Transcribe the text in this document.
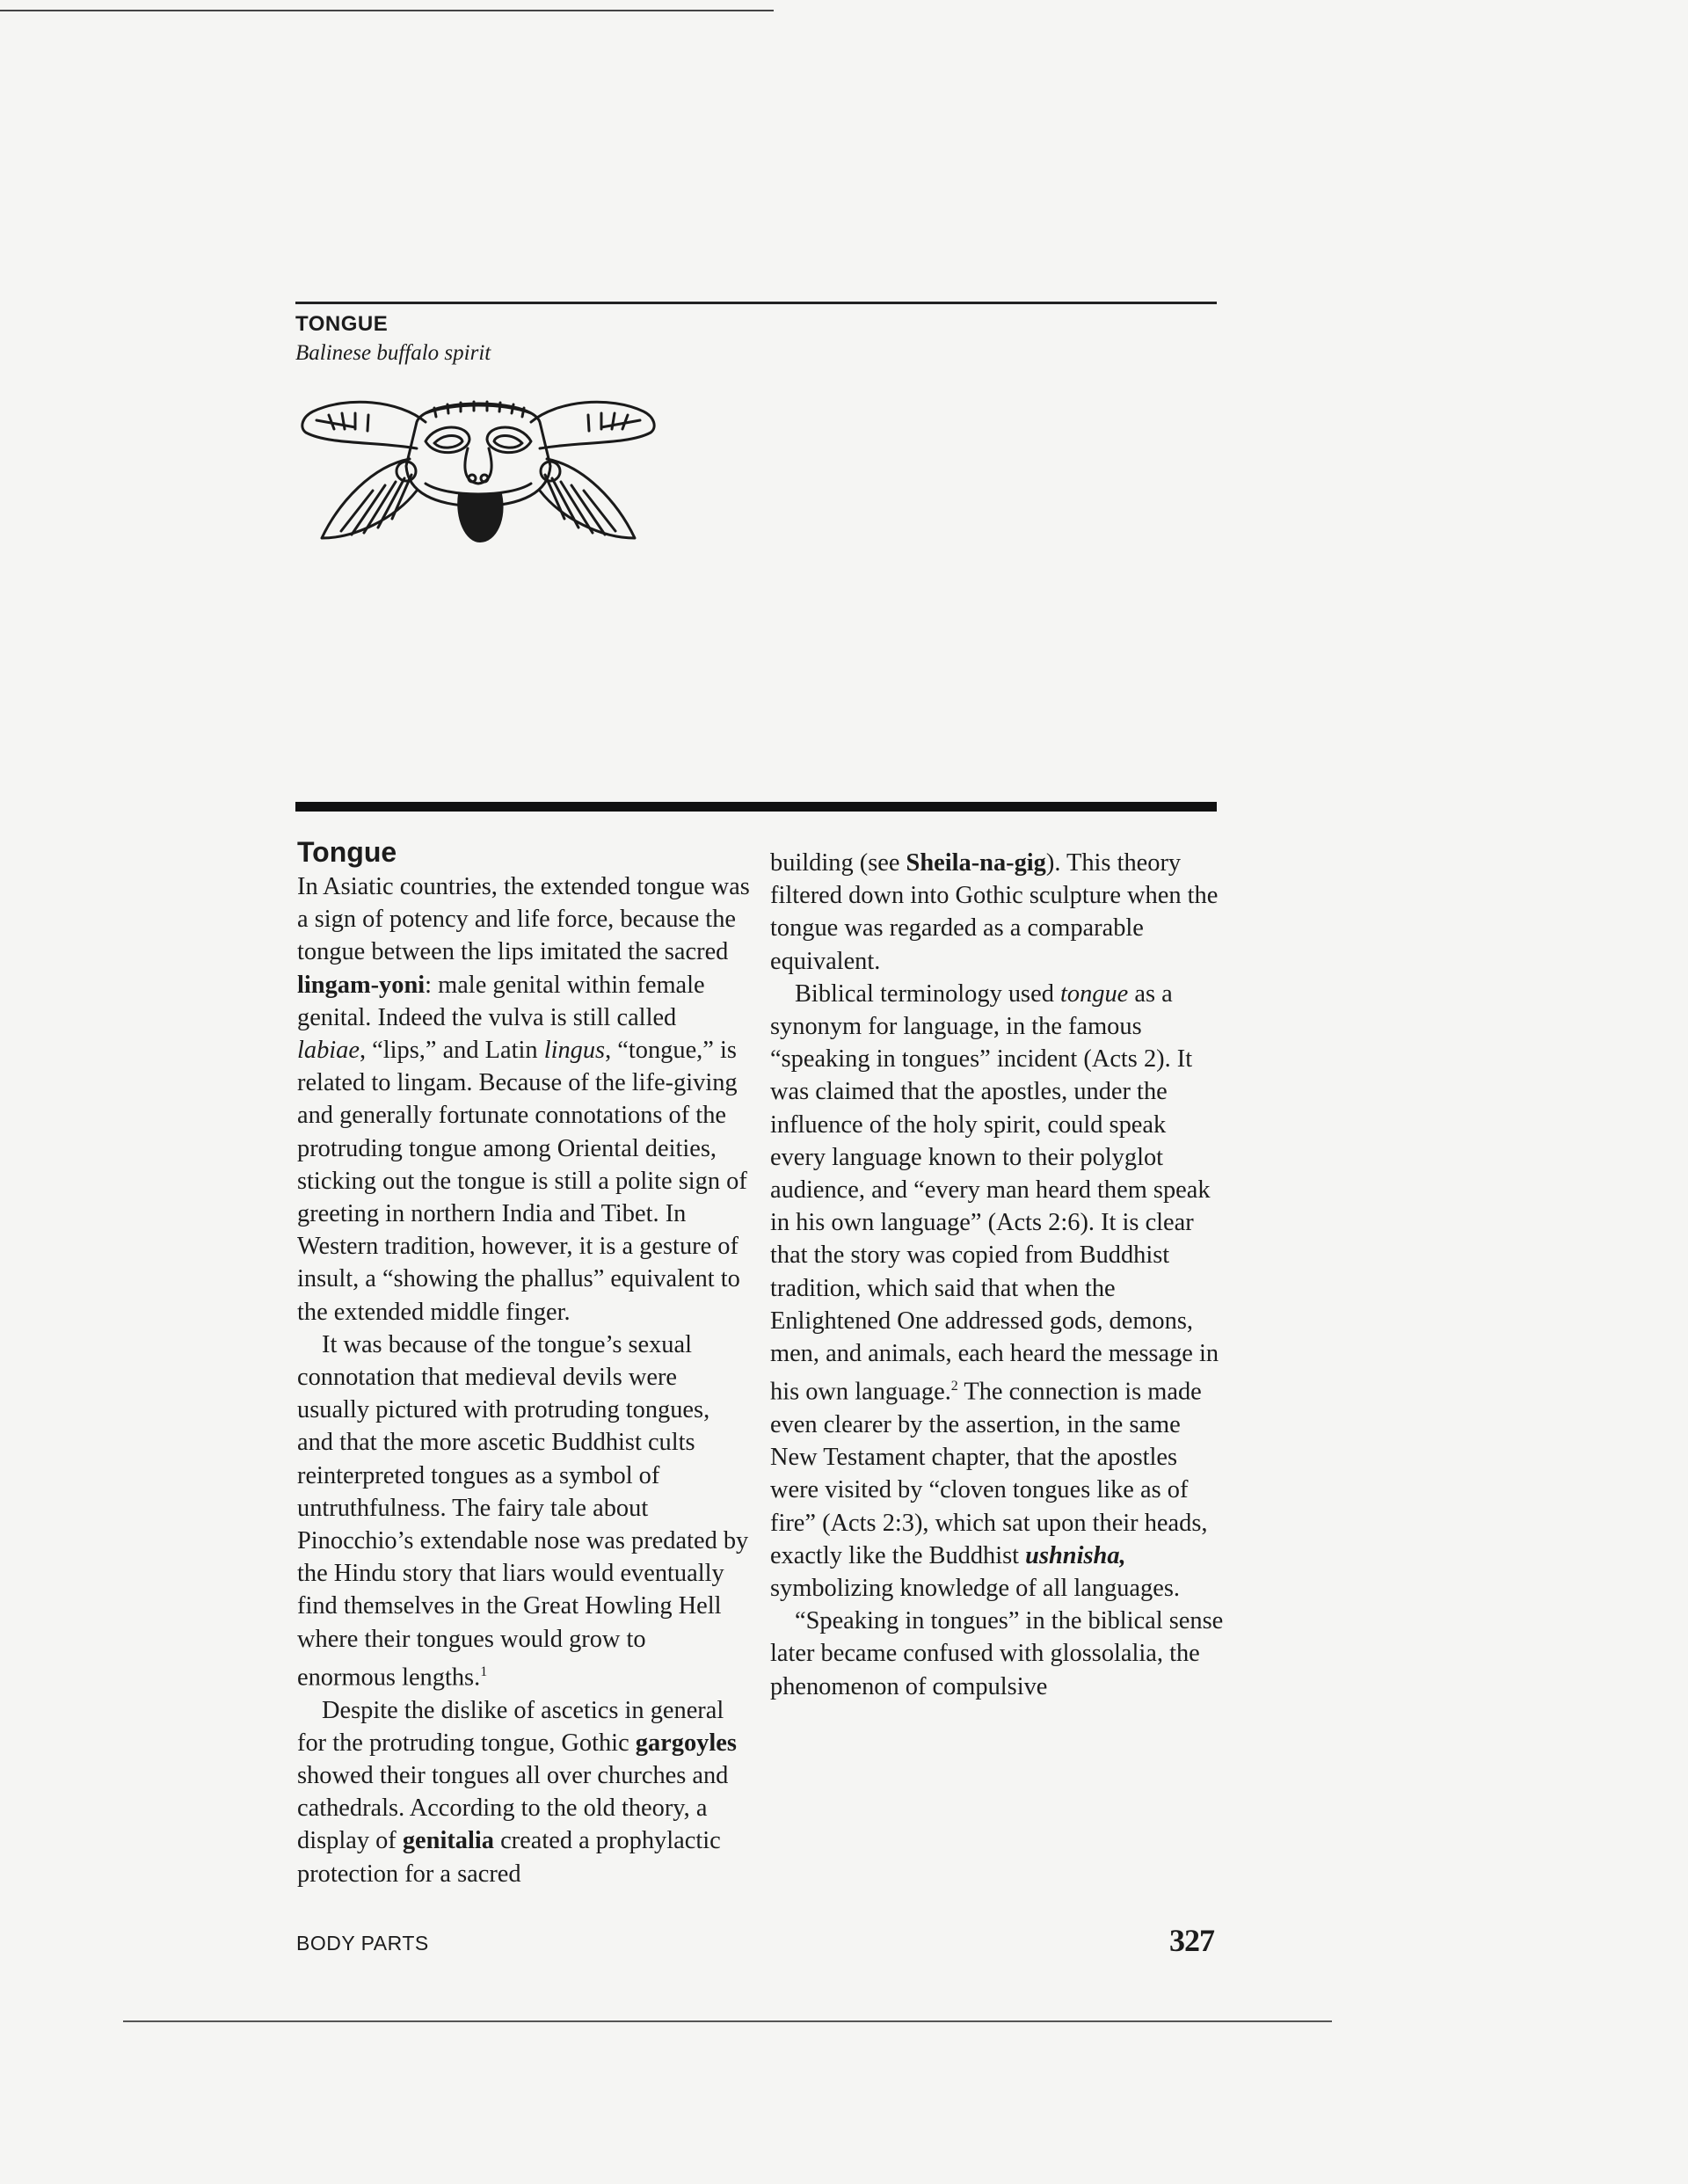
TONGUE
Balinese buffalo spirit
Tongue

In Asiatic countries, the extended tongue was a sign of potency and life force, because the tongue between the lips imitated the sacred lingam-yoni: male genital within female genital. Indeed the vulva is still called labiae, “lips,” and Latin lingus, “tongue,” is related to lingam. Because of the life-giving and generally fortunate connotations of the protruding tongue among Oriental deities, sticking out the tongue is still a polite sign of greeting in northern India and Tibet. In Western tradition, however, it is a gesture of insult, a “showing the phallus” equivalent to the extended middle finger.

It was because of the tongue’s sexual connotation that medieval devils were usually pictured with protruding tongues, and that the more ascetic Buddhist cults reinterpreted tongues as a symbol of untruthfulness. The fairy tale about Pinocchio’s extendable nose was predated by the Hindu story that liars would eventually find themselves in the Great Howling Hell where their tongues would grow to enormous lengths.$^1$

Despite the dislike of ascetics in general for the protruding tongue, Gothic gargoyles showed their tongues all over churches and cathedrals. According to the old theory, a display of genitalia created a prophylactic protection for a sacred

building (see Sheila-na-gig). This theory filtered down into Gothic sculpture when the tongue was regarded as a comparable equivalent.

Biblical terminology used tongue as a synonym for language, in the famous “speaking in tongues” incident (Acts 2). It was claimed that the apostles, under the influence of the holy spirit, could speak every language known to their polyglot audience, and “every man heard them speak in his own language” (Acts 2:6). It is clear that the story was copied from Buddhist tradition, which said that when the Enlightened One addressed gods, demons, men, and animals, each heard the message in his own language.$^2$ The connection is made even clearer by the assertion, in the same New Testament chapter, that the apostles were visited by “cloven tongues like as of fire” (Acts 2:3), which sat upon their heads, exactly like the Buddhist ushnisha, symbolizing knowledge of all languages.

“Speaking in tongues” in the biblical sense later became confused with glossolalia, the phenomenon of compulsive

BODY PARTS	327
